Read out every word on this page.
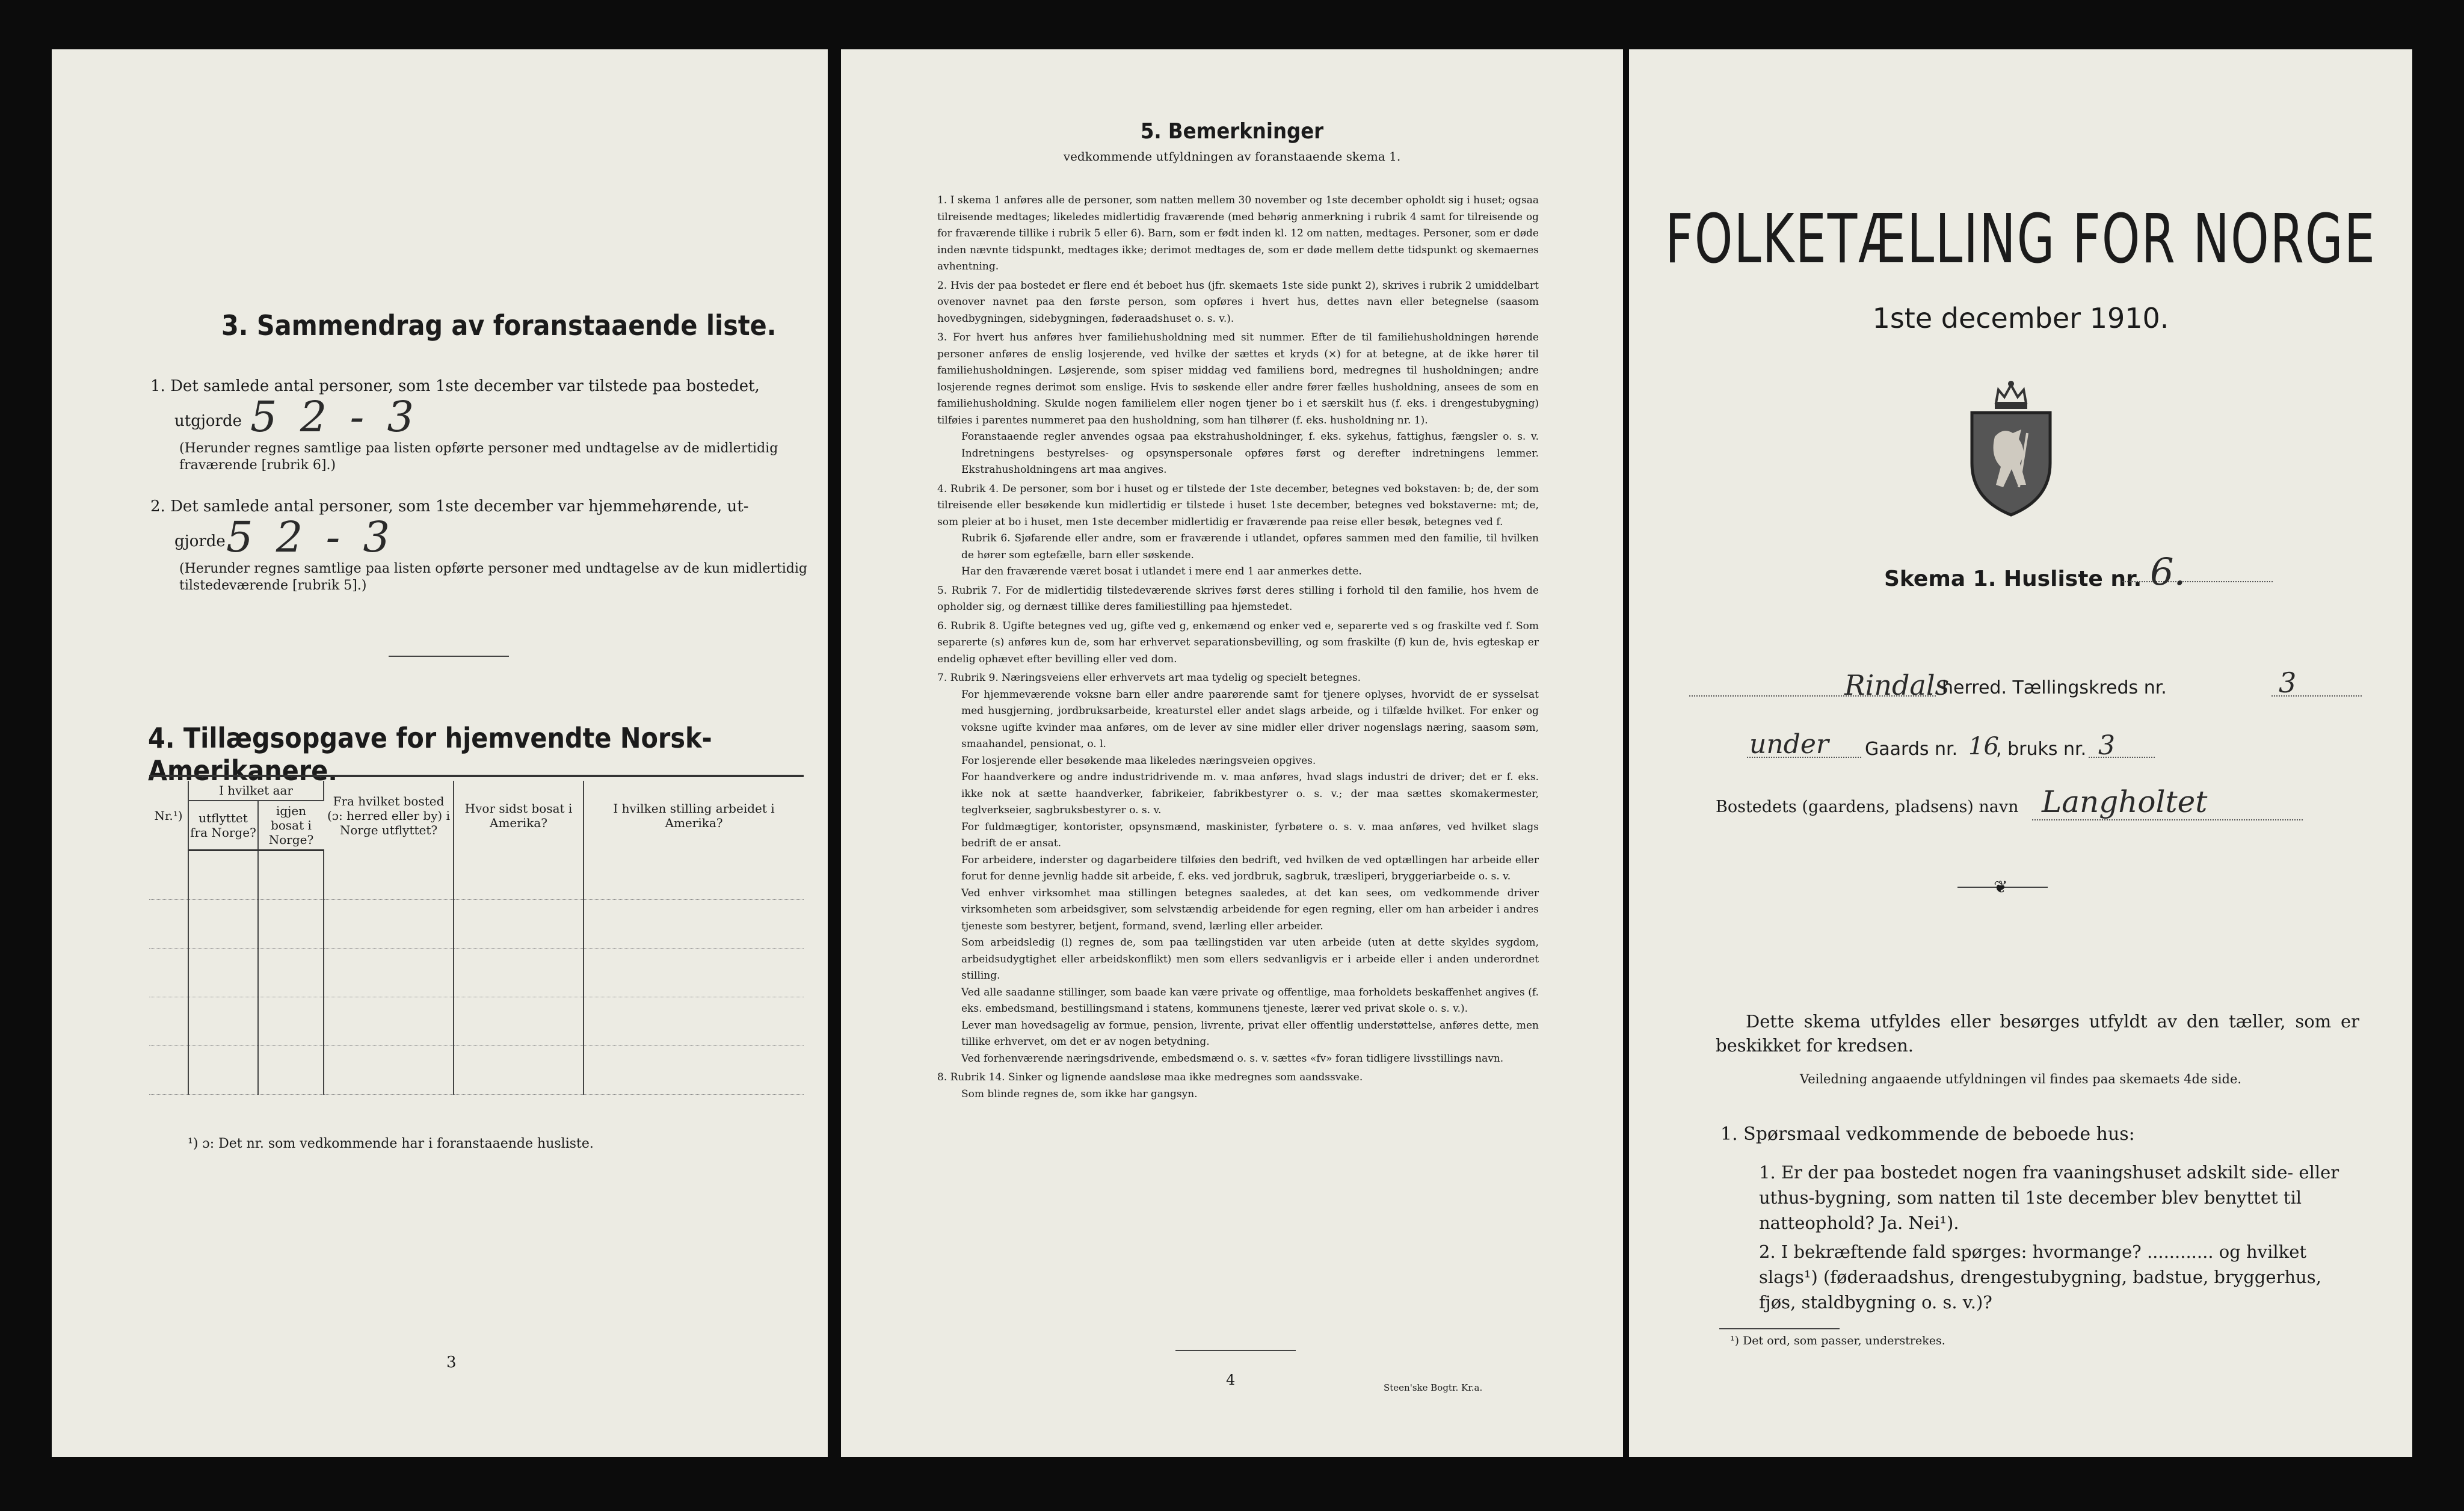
3. Sammendrag av foranstaaende liste.
1. Det samlede antal personer, som 1ste december var tilstede paa bostedet,
utgjorde 5 2 - 3
(Herunder regnes samtlige paa listen opførte personer med undtagelse av de midlertidig fraværende [rubrik 6].)
2. Det samlede antal personer, som 1ste december var hjemmehørende, ut-
gjorde 5 2 - 3
(Herunder regnes samtlige paa listen opførte personer med undtagelse av de kun midlertidig tilstedeværende [rubrik 5].)
4. Tillægsopgave for hjemvendte Norsk-Amerikanere.
Nr.¹)	I hvilket aar		Fra hvilket bosted (ɔ: herred eller by) i Norge utflyttet?	Hvor sidst bosat i Amerika?	I hvilken stilling arbeidet i Amerika?
	utflyttet fra Norge?	igjen bosat i Norge?			

¹) ɔ: Det nr. som vedkommende har i foranstaaende husliste.
3
5. Bemerkninger
vedkommende utfyldningen av foranstaaende skema 1.

1. I skema 1 anføres alle de personer, som natten mellem 30 november og 1ste december opholdt sig i huset; ogsaa tilreisende medtages; likeledes midlertidig fraværende (med behørig anmerkning i rubrik 4 samt for tilreisende og for fraværende tillike i rubrik 5 eller 6). Barn, som er født inden kl. 12 om natten, medtages. Personer, som er døde inden nævnte tidspunkt, medtages ikke; derimot medtages de, som er døde mellem dette tidspunkt og skemaernes avhentning.

2. Hvis der paa bostedet er flere end ét beboet hus (jfr. skemaets 1ste side punkt 2), skrives i rubrik 2 umiddelbart ovenover navnet paa den første person, som opføres i hvert hus, dettes navn eller betegnelse (saasom hovedbygningen, sidebygningen, føderaadshuset o. s. v.).

3. For hvert hus anføres hver familiehusholdning med sit nummer. Efter de til familiehusholdningen hørende personer anføres de enslig losjerende, ved hvilke der sættes et kryds (×) for at betegne, at de ikke hører til familiehusholdningen. Løsjerende, som spiser middag ved familiens bord, medregnes til husholdningen; andre losjerende regnes derimot som enslige. Hvis to søskende eller andre fører fælles husholdning, ansees de som en familiehusholdning. Skulde nogen familielem eller nogen tjener bo i et særskilt hus (f. eks. i drengestubygning) tilføies i parentes nummeret paa den husholdning, som han tilhører (f. eks. husholdning nr. 1).

Foranstaaende regler anvendes ogsaa paa ekstrahusholdninger, f. eks. sykehus, fattighus, fængsler o. s. v. Indretningens bestyrelses- og opsynspersonale opføres først og derefter indretningens lemmer. Ekstrahusholdningens art maa angives.

4. Rubrik 4. De personer, som bor i huset og er tilstede der 1ste december, betegnes ved bokstaven: b; de, der som tilreisende eller besøkende kun midlertidig er tilstede i huset 1ste december, betegnes ved bokstaverne: mt; de, som pleier at bo i huset, men 1ste december midlertidig er fraværende paa reise eller besøk, betegnes ved f.

Rubrik 6. Sjøfarende eller andre, som er fraværende i utlandet, opføres sammen med den familie, til hvilken de hører som egtefælle, barn eller søskende.

Har den fraværende været bosat i utlandet i mere end 1 aar anmerkes dette.

5. Rubrik 7. For de midlertidig tilstedeværende skrives først deres stilling i forhold til den familie, hos hvem de opholder sig, og dernæst tillike deres familiestilling paa hjemstedet.

6. Rubrik 8. Ugifte betegnes ved ug, gifte ved g, enkemænd og enker ved e, separerte ved s og fraskilte ved f. Som separerte (s) anføres kun de, som har erhvervet separationsbevilling, og som fraskilte (f) kun de, hvis egteskap er endelig ophævet efter bevilling eller ved dom.

7. Rubrik 9. Næringsveiens eller erhvervets art maa tydelig og specielt betegnes.

For hjemmeværende voksne barn eller andre paarørende samt for tjenere oplyses, hvorvidt de er sysselsat med husgjerning, jordbruksarbeide, kreaturstel eller andet slags arbeide, og i tilfælde hvilket. For enker og voksne ugifte kvinder maa anføres, om de lever av sine midler eller driver nogenslags næring, saasom søm, smaahandel, pensionat, o. l.

For losjerende eller besøkende maa likeledes næringsveien opgives.

For haandverkere og andre industridrivende m. v. maa anføres, hvad slags industri de driver; det er f. eks. ikke nok at sætte haandverker, fabrikeier, fabrikbestyrer o. s. v.; der maa sættes skomakermester, teglverkseier, sagbruksbestyrer o. s. v.

For fuldmægtiger, kontorister, opsynsmænd, maskinister, fyrbøtere o. s. v. maa anføres, ved hvilket slags bedrift de er ansat.

For arbeidere, inderster og dagarbeidere tilføies den bedrift, ved hvilken de ved optællingen har arbeide eller forut for denne jevnlig hadde sit arbeide, f. eks. ved jordbruk, sagbruk, træsliperi, bryggeriarbeide o. s. v.

Ved enhver virksomhet maa stillingen betegnes saaledes, at det kan sees, om vedkommende driver virksomheten som arbeidsgiver, som selvstændig arbeidende for egen regning, eller om han arbeider i andres tjeneste som bestyrer, betjent, formand, svend, lærling eller arbeider.

Som arbeidsledig (l) regnes de, som paa tællingstiden var uten arbeide (uten at dette skyldes sygdom, arbeidsudygtighet eller arbeidskonflikt) men som ellers sedvanligvis er i arbeide eller i anden underordnet stilling.

Ved alle saadanne stillinger, som baade kan være private og offentlige, maa forholdets beskaffenhet angives (f. eks. embedsmand, bestillingsmand i statens, kommunens tjeneste, lærer ved privat skole o. s. v.).

Lever man hovedsagelig av formue, pension, livrente, privat eller offentlig understøttelse, anføres dette, men tillike erhvervet, om det er av nogen betydning.

Ved forhenværende næringsdrivende, embedsmænd o. s. v. sættes «fv» foran tidligere livsstillings navn.

8. Rubrik 14. Sinker og lignende aandsløse maa ikke medregnes som aandssvake.

Som blinde regnes de, som ikke har gangsyn.

4	Steen'ske Bogtr. Kr.a.
FOLKETÆLLING FOR NORGE
1ste december 1910.
Skema 1. Husliste nr. 6.
Rindals
herred. Tællingskreds nr.	3
under Gaards nr. 16
, bruks nr. 3
Bostedets (gaardens, pladsens) navn Langholtet
❦
Dette skema utfyldes eller besørges utfyldt av den tæller, som er beskikket for kredsen.
Veiledning angaaende utfyldningen vil findes paa skemaets 4de side.
1. Spørsmaal vedkommende de beboede hus:
1. Er der paa bostedet nogen fra vaaningshuset adskilt side- eller uthus-bygning, som natten til 1ste december blev benyttet til natteophold? Ja. Nei¹).
2. I bekræftende fald spørges: hvormange? ............ og hvilket slags¹) (føderaadshus, drengestubygning, badstue, bryggerhus, fjøs, staldbygning o. s. v.)?
¹) Det ord, som passer, understrekes.
